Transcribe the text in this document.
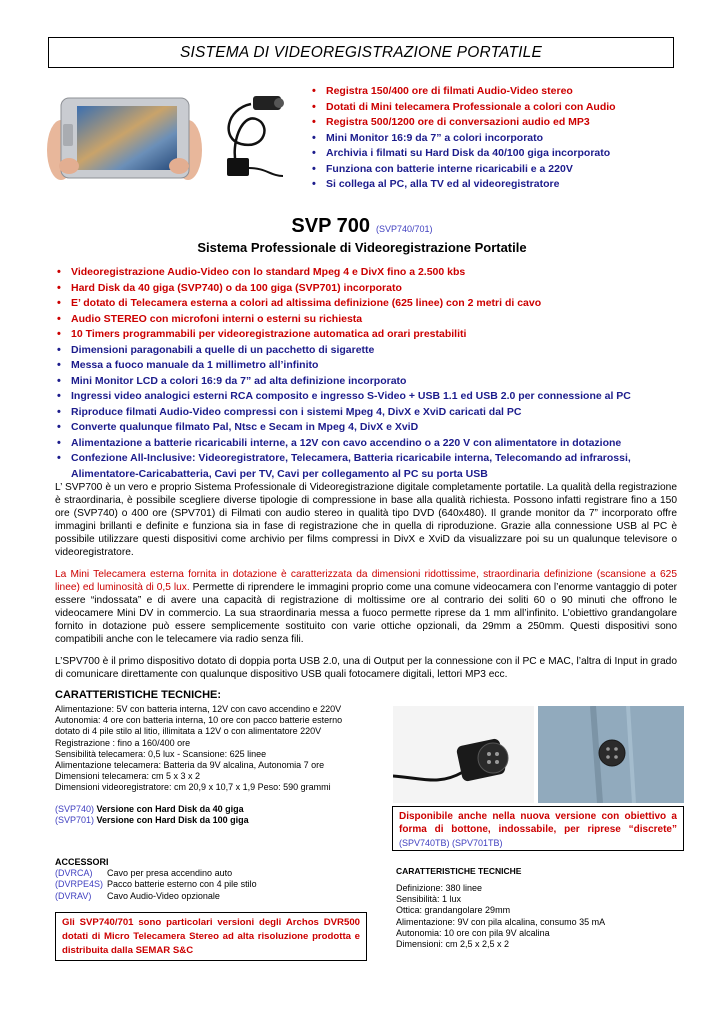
SISTEMA DI VIDEOREGISTRAZIONE PORTATILE
• Registra 150/400 ore di filmati Audio-Video stereo
• Dotati di Mini telecamera Professionale a colori con Audio
• Registra 500/1200 ore di conversazioni audio ed MP3
• Mini Monitor 16:9 da 7” a colori incorporato
• Archivia i filmati su Hard Disk da 40/100 giga incorporato
• Funziona con batterie interne ricaricabili e a 220V
• Si collega al PC, alla TV ed al videoregistratore
SVP 700 (SVP740/701)
Sistema Professionale di Videoregistrazione Portatile
• Videoregistrazione Audio-Video con lo standard Mpeg 4 e DivX fino a 2.500 kbs
• Hard Disk da 40 giga (SVP740) o da 100 giga (SVP701) incorporato
• E’ dotato di Telecamera esterna a colori ad altissima definizione (625 linee) con 2 metri di cavo
• Audio STEREO con microfoni interni o esterni su richiesta
• 10 Timers programmabili per videoregistrazione automatica ad orari prestabiliti
• Dimensioni paragonabili a quelle di un pacchetto di sigarette
• Messa a fuoco manuale da 1 millimetro all’infinito
• Mini Monitor LCD a colori 16:9 da 7” ad alta definizione incorporato
• Ingressi video analogici esterni RCA composito e ingresso S-Video + USB 1.1 ed USB 2.0 per connessione al PC
• Riproduce filmati Audio-Video compressi con i sistemi Mpeg 4, DivX e XviD caricati dal PC
• Converte qualunque filmato Pal, Ntsc e Secam in Mpeg 4, DivX e XviD
• Alimentazione a batterie ricaricabili interne, a 12V con cavo accendino o a 220 V con alimentatore in dotazione
• Confezione All-Inclusive: Videoregistratore, Telecamera, Batteria ricaricabile interna, Telecomando ad infrarossi, Alimentatore-Caricabatteria, Cavi per TV, Cavi per collegamento al PC su porta USB

L’ SVP700 è un vero e proprio Sistema Professionale di Videoregistrazione digitale completamente portatile. La qualità della registrazione è straordinaria, è possibile scegliere diverse tipologie di compressione in base alla qualità richiesta. Possono infatti registrare fino a 150 ore (SVP740) o 400 ore (SPV701) di Filmati con audio stereo in qualità tipo DVD (640x480). Il grande monitor da 7” incorporato offre immagini brillanti e definite e funziona sia in fase di registrazione che in quella di riproduzione. Grazie alla connessione USB al PC è possibile utilizzare questi dispositivi come archivio per films compressi in DivX e XviD da visualizzare poi su un qualunque televisore o videoregistratore.

La Mini Telecamera esterna fornita in dotazione è caratterizzata da dimensioni ridottissime, straordinaria definizione (scansione a 625 linee) ed luminosità di 0,5 lux. Permette di riprendere le immagini proprio come una comune videocamera con l’enorme vantaggio di poter essere “indossata” e di avere una capacità di registrazione di moltissime ore al contrario dei soliti 60 o 90 minuti che offrono le videocamere Mini DV in commercio. La sua straordinaria messa a fuoco permette riprese da 1 mm all’infinito. L’obiettivo grandangolare fornito in dotazione può essere semplicemente sostituito con varie ottiche opzionali, da 29mm a 250mm. Questi dispositivi sono compatibili anche con le telecamere via radio senza fili.

L’SPV700 è il primo dispositivo dotato di doppia porta USB 2.0, una di Output per la connessione con il PC e MAC, l’altra di Input in grado di comunicare direttamente con qualunque dispositivo USB quali fotocamere digitali, lettori MP3 ecc.

CARATTERISTICHE TECNICHE:
Alimentazione: 5V con batteria interna, 12V con cavo accendino e 220V
Autonomia: 4 ore con batteria interna, 10 ore con pacco batterie esterno
dotato di 4 pile stilo al litio, illimitata a 12V o con alimentatore 220V
Registrazione : fino a 160/400 ore
Sensibilità telecamera: 0,5 lux - Scansione: 625 linee
Alimentazione telecamera: Batteria da 9V alcalina, Autonomia 7 ore
Dimensioni telecamera: cm 5 x 3 x 2
Dimensioni videoregistratore: cm 20,9 x 10,7 x 1,9 Peso: 590 grammi
(SVP740) Versione con Hard Disk da 40 giga
(SVP701) Versione con Hard Disk da 100 giga
ACCESSORI
(DVRCA) Cavo per presa accendino auto
(DVRPE4S) Pacco batterie esterno con 4 pile stilo
(DVRAV) Cavo Audio-Video opzionale
Gli SVP740/701 sono particolari versioni degli Archos DVR500 dotati di Micro Telecamera Stereo ad alta risoluzione prodotta e distribuita dalla SEMAR S&C
Disponibile anche nella nuova versione con obiettivo a forma di bottone, indossabile, per riprese “discrete” (SPV740TB) (SPV701TB)
CARATTERISTICHE TECNICHE
Definizione: 380 linee
Sensibilità: 1 lux
Ottica: grandangolare 29mm
Alimentazione: 9V con pila alcalina, consumo 35 mA
Autonomia: 10 ore con pila 9V alcalina
Dimensioni: cm 2,5 x 2,5 x 2
